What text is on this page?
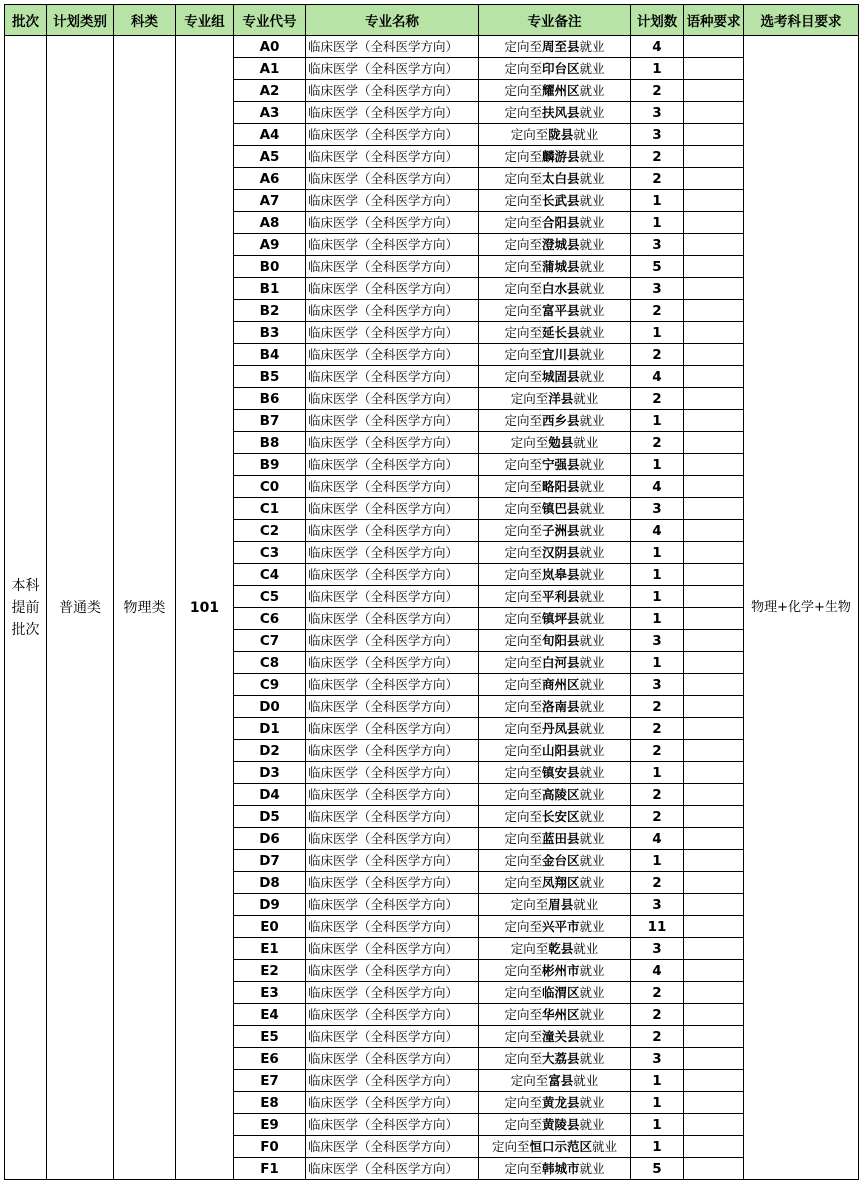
批次	计划类别	科类	专业组	专业代号	专业名称	专业备注	计划数	语种要求	选考科目要求
本科
提前
批次	普通类	物理类	101	A0	临床医学（全科医学方向）	定向至周至县就业	4		物理+化学+生物
				A1	临床医学（全科医学方向）	定向至印台区就业	1		
				A2	临床医学（全科医学方向）	定向至耀州区就业	2		
				A3	临床医学（全科医学方向）	定向至扶风县就业	3		
				A4	临床医学（全科医学方向）	定向至陇县就业	3		
				A5	临床医学（全科医学方向）	定向至麟游县就业	2		
				A6	临床医学（全科医学方向）	定向至太白县就业	2		
				A7	临床医学（全科医学方向）	定向至长武县就业	1		
				A8	临床医学（全科医学方向）	定向至合阳县就业	1		
				A9	临床医学（全科医学方向）	定向至澄城县就业	3		
				B0	临床医学（全科医学方向）	定向至蒲城县就业	5		
				B1	临床医学（全科医学方向）	定向至白水县就业	3		
				B2	临床医学（全科医学方向）	定向至富平县就业	2		
				B3	临床医学（全科医学方向）	定向至延长县就业	1		
				B4	临床医学（全科医学方向）	定向至宜川县就业	2		
				B5	临床医学（全科医学方向）	定向至城固县就业	4		
				B6	临床医学（全科医学方向）	定向至洋县就业	2		
				B7	临床医学（全科医学方向）	定向至西乡县就业	1		
				B8	临床医学（全科医学方向）	定向至勉县就业	2		
				B9	临床医学（全科医学方向）	定向至宁强县就业	1		
				C0	临床医学（全科医学方向）	定向至略阳县就业	4		
				C1	临床医学（全科医学方向）	定向至镇巴县就业	3		
				C2	临床医学（全科医学方向）	定向至子洲县就业	4		
				C3	临床医学（全科医学方向）	定向至汉阴县就业	1		
				C4	临床医学（全科医学方向）	定向至岚皋县就业	1		
				C5	临床医学（全科医学方向）	定向至平利县就业	1		
				C6	临床医学（全科医学方向）	定向至镇坪县就业	1		
				C7	临床医学（全科医学方向）	定向至旬阳县就业	3		
				C8	临床医学（全科医学方向）	定向至白河县就业	1		
				C9	临床医学（全科医学方向）	定向至商州区就业	3		
				D0	临床医学（全科医学方向）	定向至洛南县就业	2		
				D1	临床医学（全科医学方向）	定向至丹凤县就业	2		
				D2	临床医学（全科医学方向）	定向至山阳县就业	2		
				D3	临床医学（全科医学方向）	定向至镇安县就业	1		
				D4	临床医学（全科医学方向）	定向至高陵区就业	2		
				D5	临床医学（全科医学方向）	定向至长安区就业	2		
				D6	临床医学（全科医学方向）	定向至蓝田县就业	4		
				D7	临床医学（全科医学方向）	定向至金台区就业	1		
				D8	临床医学（全科医学方向）	定向至凤翔区就业	2		
				D9	临床医学（全科医学方向）	定向至眉县就业	3		
				E0	临床医学（全科医学方向）	定向至兴平市就业	11		
				E1	临床医学（全科医学方向）	定向至乾县就业	3		
				E2	临床医学（全科医学方向）	定向至彬州市就业	4		
				E3	临床医学（全科医学方向）	定向至临渭区就业	2		
				E4	临床医学（全科医学方向）	定向至华州区就业	2		
				E5	临床医学（全科医学方向）	定向至潼关县就业	2		
				E6	临床医学（全科医学方向）	定向至大荔县就业	3		
				E7	临床医学（全科医学方向）	定向至富县就业	1		
				E8	临床医学（全科医学方向）	定向至黄龙县就业	1		
				E9	临床医学（全科医学方向）	定向至黄陵县就业	1		
				F0	临床医学（全科医学方向）	定向至恒口示范区就业	1		
				F1	临床医学（全科医学方向）	定向至韩城市就业	5		
